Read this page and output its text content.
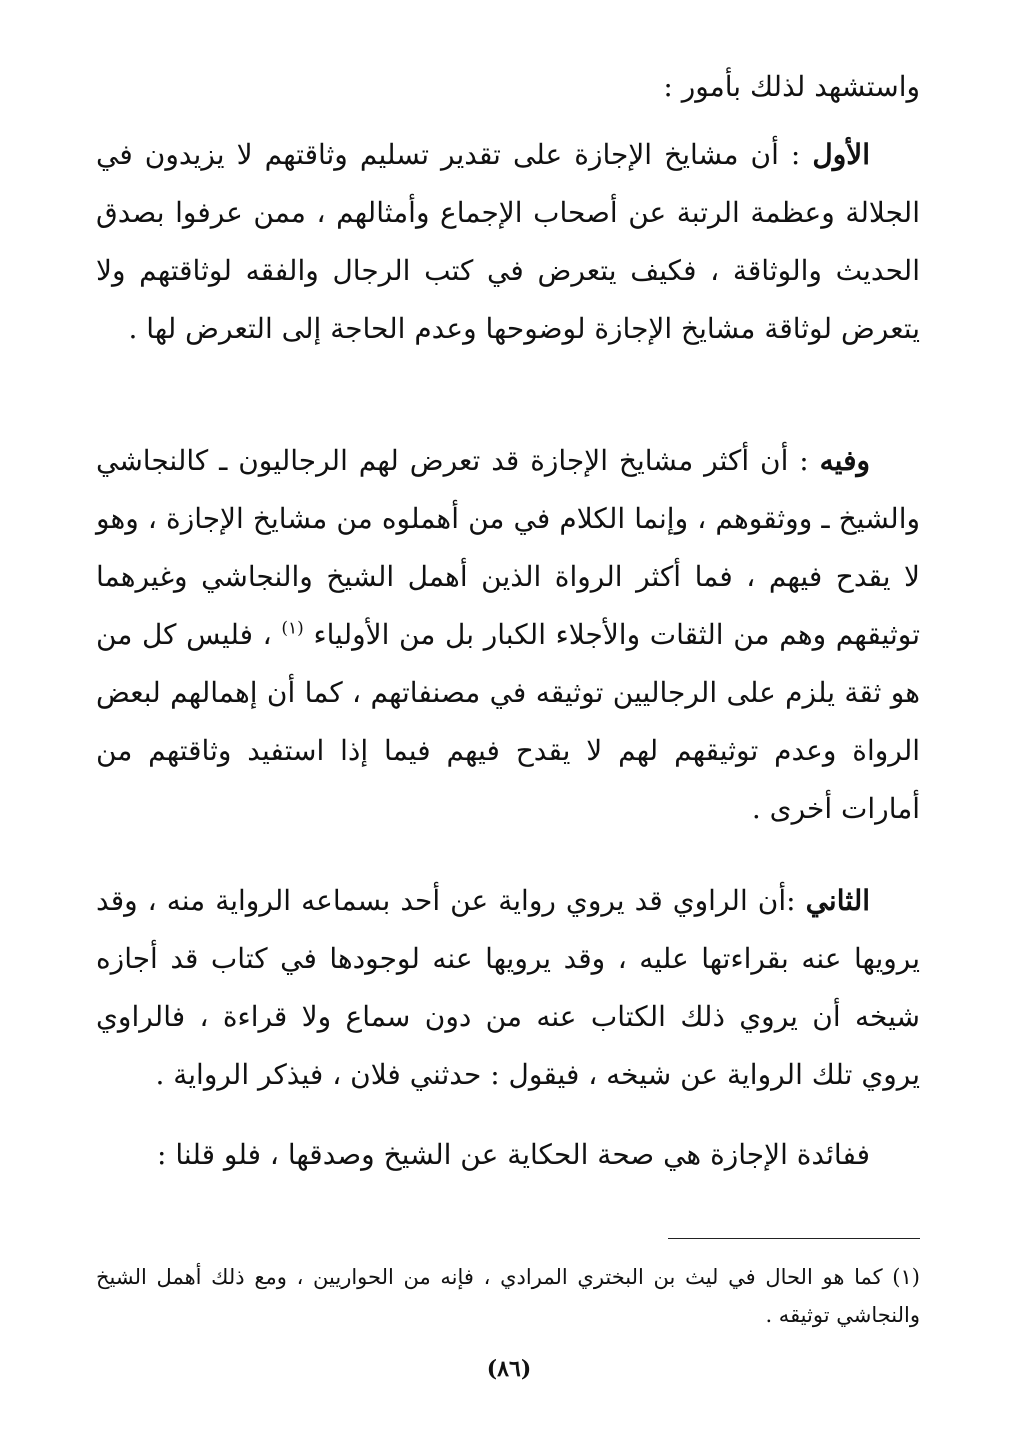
واستشهد لذلك بأمور :

الأول : أن مشايخ الإجازة على تقدير تسليم وثاقتهم لا يزيدون في الجلالة وعظمة الرتبة عن أصحاب الإجماع وأمثالهم ، ممن عرفوا بصدق الحديث والوثاقة ، فكيف يتعرض في كتب الرجال والفقه لوثاقتهم ولا يتعرض لوثاقة مشايخ الإجازة لوضوحها وعدم الحاجة إلى التعرض لها .

وفيه : أن أكثر مشايخ الإجازة قد تعرض لهم الرجاليون ـ كالنجاشي والشيخ ـ ووثقوهم ، وإنما الكلام في من أهملوه من مشايخ الإجازة ، وهو لا يقدح فيهم ، فما أكثر الرواة الذين أهمل الشيخ والنجاشي وغيرهما توثيقهم وهم من الثقات والأجلاء الكبار بل من الأولياء $^{(١)}$ ، فليس كل من هو ثقة يلزم على الرجاليين توثيقه في مصنفاتهم ، كما أن إهمالهم لبعض الرواة وعدم توثيقهم لهم لا يقدح فيهم فيما إذا استفيد وثاقتهم من أمارات أخرى .

الثاني :أن الراوي قد يروي رواية عن أحد بسماعه الرواية منه ، وقد يرويها عنه بقراءتها عليه ، وقد يرويها عنه لوجودها في كتاب قد أجازه شيخه أن يروي ذلك الكتاب عنه من دون سماع ولا قراءة ، فالراوي يروي تلك الرواية عن شيخه ، فيقول : حدثني فلان ، فيذكر الرواية .

ففائدة الإجازة هي صحة الحكاية عن الشيخ وصدقها ، فلو قلنا :

(١) كما هو الحال في ليث بن البختري المرادي ، فإنه من الحواريين ، ومع ذلك أهمل الشيخ والنجاشي توثيقه .

(٨٦)
